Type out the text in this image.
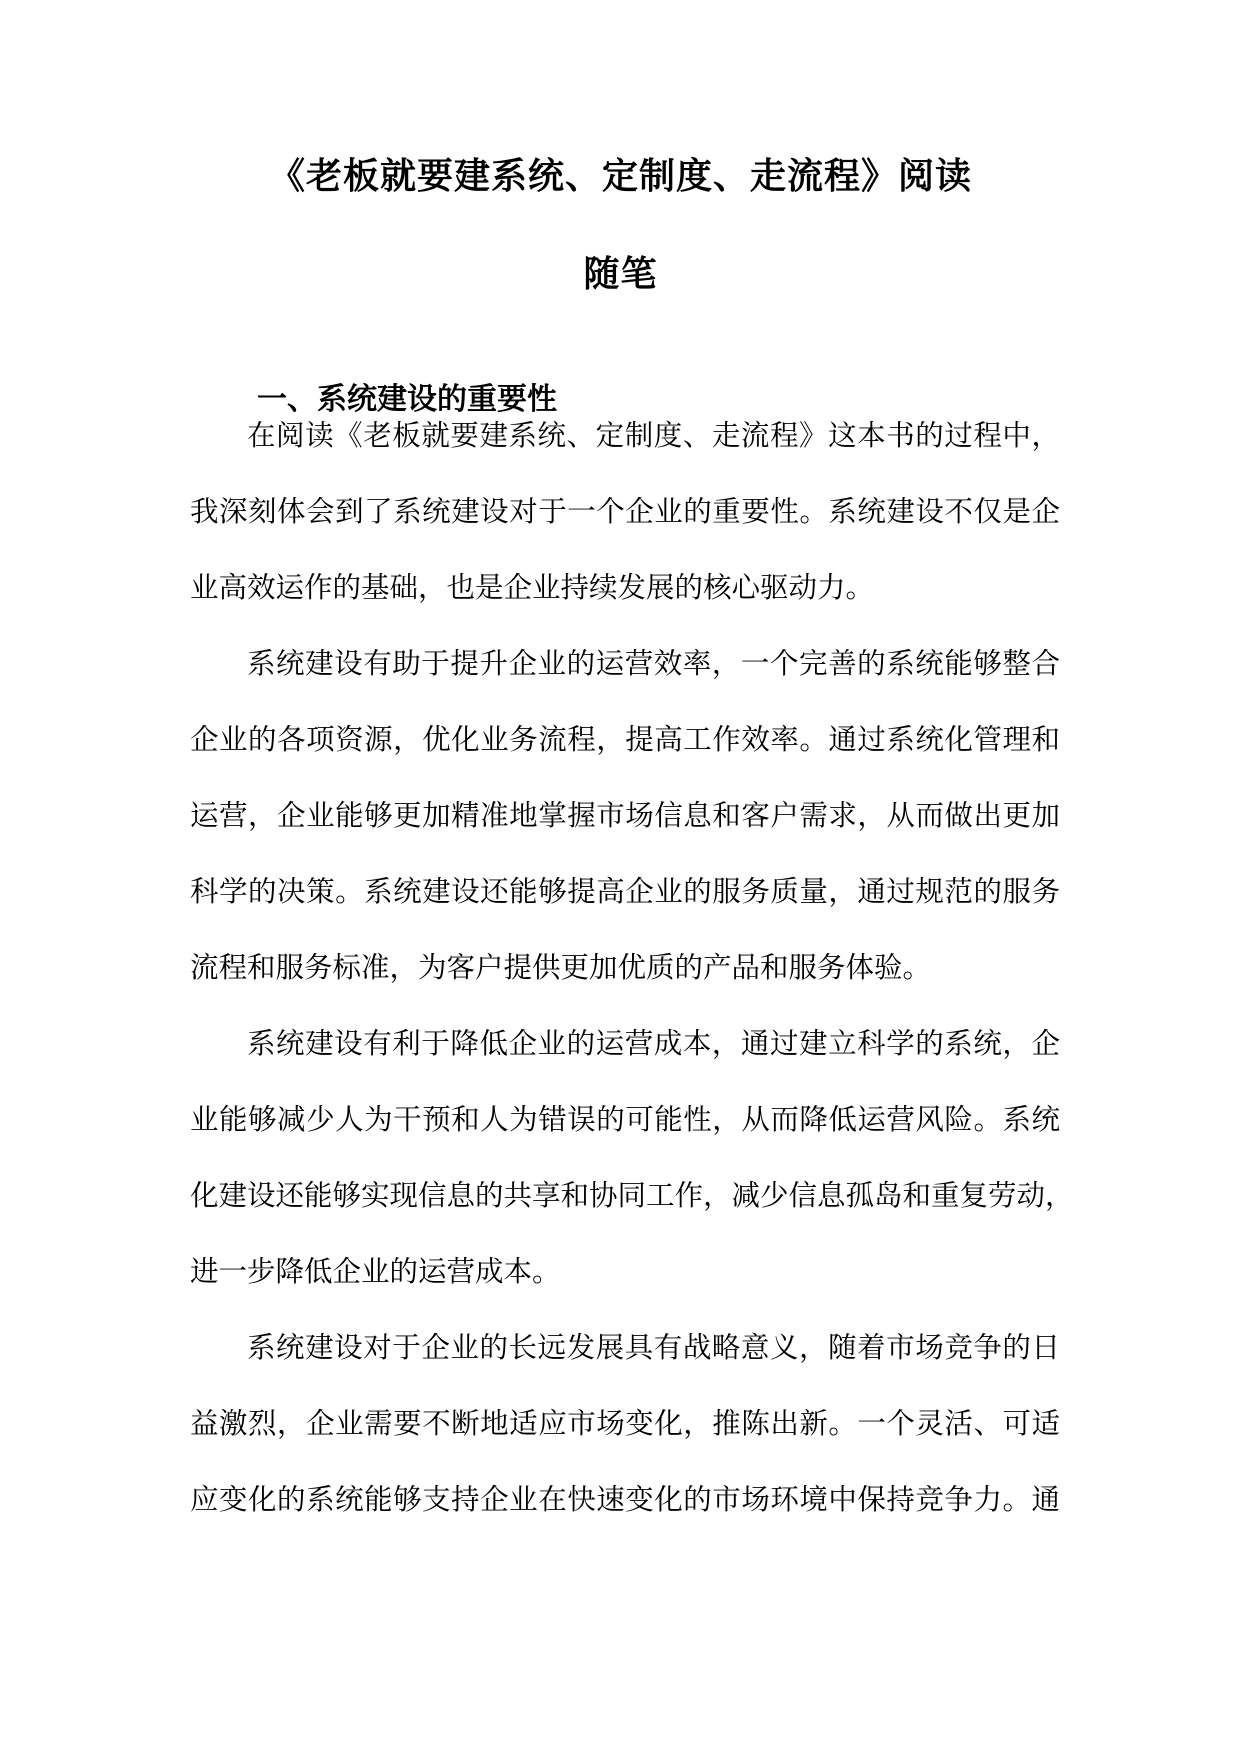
《老板就要建系统、定制度、走流程》阅读
随笔
一、系统建设的重要性
在阅读《老板就要建系统、定制度、走流程》这本书的过程中，
我深刻体会到了系统建设对于一个企业的重要性。系统建设不仅是企
业高效运作的基础，也是企业持续发展的核心驱动力。
系统建设有助于提升企业的运营效率，一个完善的系统能够整合
企业的各项资源，优化业务流程，提高工作效率。通过系统化管理和
运营，企业能够更加精准地掌握市场信息和客户需求，从而做出更加
科学的决策。系统建设还能够提高企业的服务质量，通过规范的服务
流程和服务标准，为客户提供更加优质的产品和服务体验。
系统建设有利于降低企业的运营成本，通过建立科学的系统，企
业能够减少人为干预和人为错误的可能性，从而降低运营风险。系统
化建设还能够实现信息的共享和协同工作，减少信息孤岛和重复劳动，
进一步降低企业的运营成本。
系统建设对于企业的长远发展具有战略意义，随着市场竞争的日
益激烈，企业需要不断地适应市场变化，推陈出新。一个灵活、可适
应变化的系统能够支持企业在快速变化的市场环境中保持竞争力。通
